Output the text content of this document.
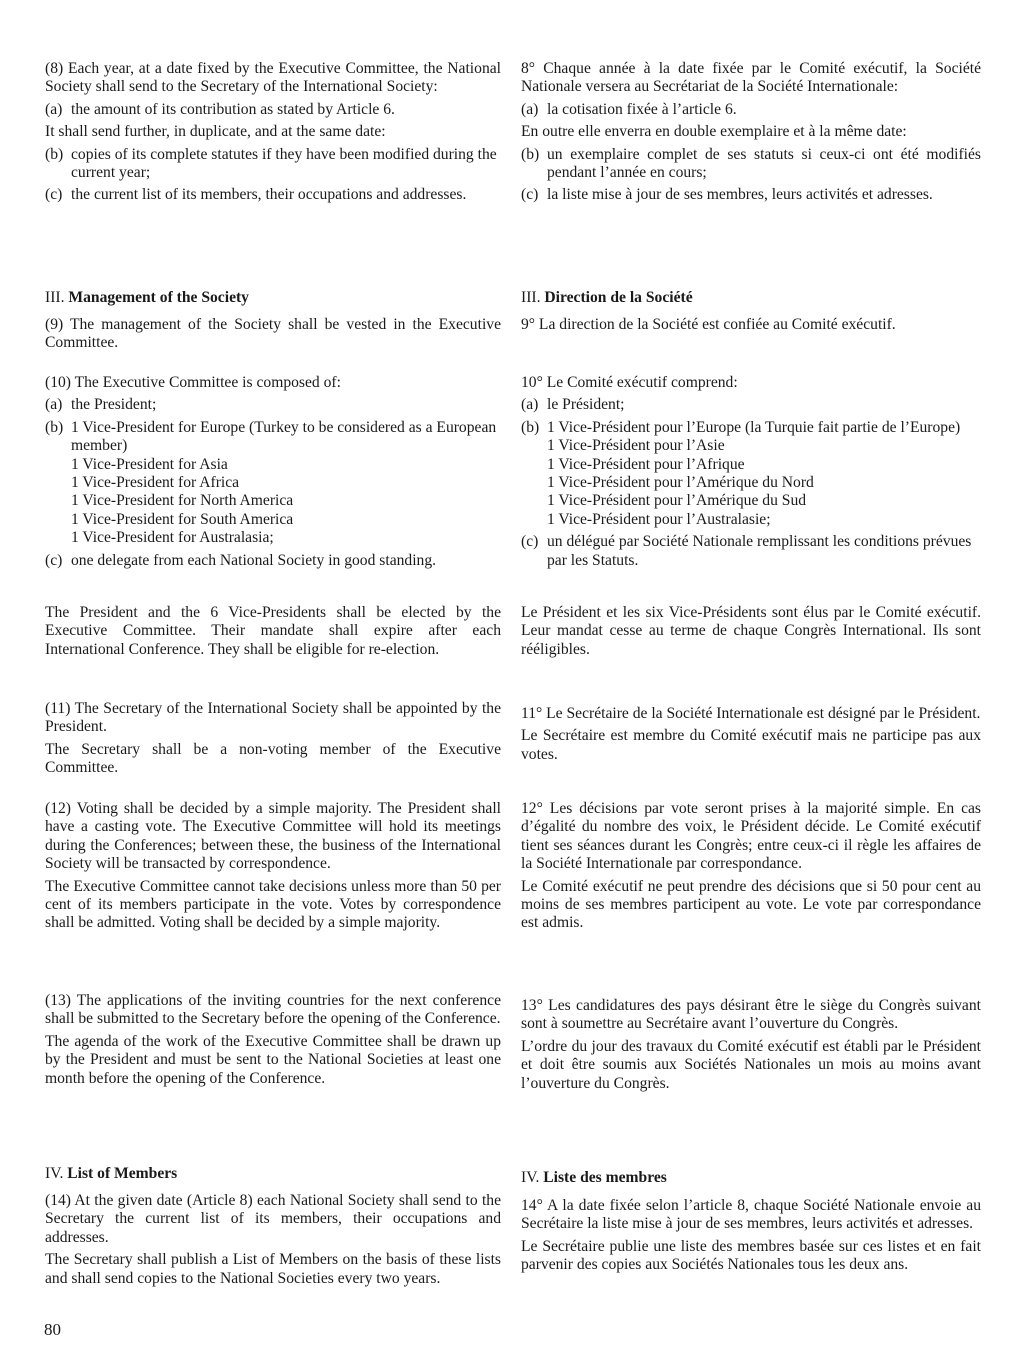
(8) Each year, at a date fixed by the Executive Committee, the National Society shall send to the Secretary of the International Society:

(a) the amount of its contribution as stated by Article 6.

It shall send further, in duplicate, and at the same date:

(b) copies of its complete statutes if they have been modified during the current year;
(c) the current list of its members, their occupations and addresses.
III. Management of the Society

(9) The management of the Society shall be vested in the Executive Committee.

(10) The Executive Committee is composed of:

(a) the President;
(b) 1 Vice-President for Europe (Turkey to be considered as a European member)
1 Vice-President for Asia
1 Vice-President for Africa
1 Vice-President for North America
1 Vice-President for South America
1 Vice-President for Australasia;
(c) one delegate from each National Society in good standing.

The President and the 6 Vice-Presidents shall be elected by the Executive Committee. Their mandate shall expire after each International Conference. They shall be eligible for re-election.

(11) The Secretary of the International Society shall be appointed by the President.

The Secretary shall be a non-voting member of the Executive Committee.

(12) Voting shall be decided by a simple majority. The President shall have a casting vote. The Executive Committee will hold its meetings during the Conferences; between these, the business of the International Society will be transacted by correspondence.

The Executive Committee cannot take decisions unless more than 50 per cent of its members participate in the vote. Votes by correspondence shall be admitted. Voting shall be decided by a simple majority.

(13) The applications of the inviting countries for the next conference shall be submitted to the Secretary before the opening of the Conference.

The agenda of the work of the Executive Committee shall be drawn up by the President and must be sent to the National Societies at least one month before the opening of the Conference.

IV. List of Members

(14) At the given date (Article 8) each National Society shall send to the Secretary the current list of its members, their occupations and addresses.

The Secretary shall publish a List of Members on the basis of these lists and shall send copies to the National Societies every two years.

8° Chaque année à la date fixée par le Comité exécutif, la Société Nationale versera au Secrétariat de la Société Internationale:

(a) la cotisation fixée à l’article 6.

En outre elle enverra en double exemplaire et à la même date:

(b) un exemplaire complet de ses statuts si ceux-ci ont été modifiés pendant l’année en cours;
(c) la liste mise à jour de ses membres, leurs activités et adresses.
III. Direction de la Société

9° La direction de la Société est confiée au Comité exécutif.

10° Le Comité exécutif comprend:

(a) le Président;
(b) 1 Vice-Président pour l’Europe (la Turquie fait partie de l’Europe)
1 Vice-Président pour l’Asie
1 Vice-Président pour l’Afrique
1 Vice-Président pour l’Amérique du Nord
1 Vice-Président pour l’Amérique du Sud
1 Vice-Président pour l’Australasie;
(c) un délégué par Société Nationale remplissant les conditions prévues par les Statuts.

Le Président et les six Vice-Présidents sont élus par le Comité exécutif. Leur mandat cesse au terme de chaque Congrès International. Ils sont rééligibles.

11° Le Secrétaire de la Société Internationale est désigné par le Président.

Le Secrétaire est membre du Comité exécutif mais ne participe pas aux votes.

12° Les décisions par vote seront prises à la majorité simple. En cas d’égalité du nombre des voix, le Président décide. Le Comité exécutif tient ses séances durant les Congrès; entre ceux-ci il règle les affaires de la Société Internationale par correspondance.

Le Comité exécutif ne peut prendre des décisions que si 50 pour cent au moins de ses membres participent au vote. Le vote par correspondance est admis.

13° Les candidatures des pays désirant être le siège du Congrès suivant sont à soumettre au Secrétaire avant l’ouverture du Congrès.

L’ordre du jour des travaux du Comité exécutif est établi par le Président et doit être soumis aux Sociétés Nationales un mois au moins avant l’ouverture du Congrès.

IV. Liste des membres

14° A la date fixée selon l’article 8, chaque Société Nationale envoie au Secrétaire la liste mise à jour de ses membres, leurs activités et adresses.

Le Secrétaire publie une liste des membres basée sur ces listes et en fait parvenir des copies aux Sociétés Nationales tous les deux ans.

80
